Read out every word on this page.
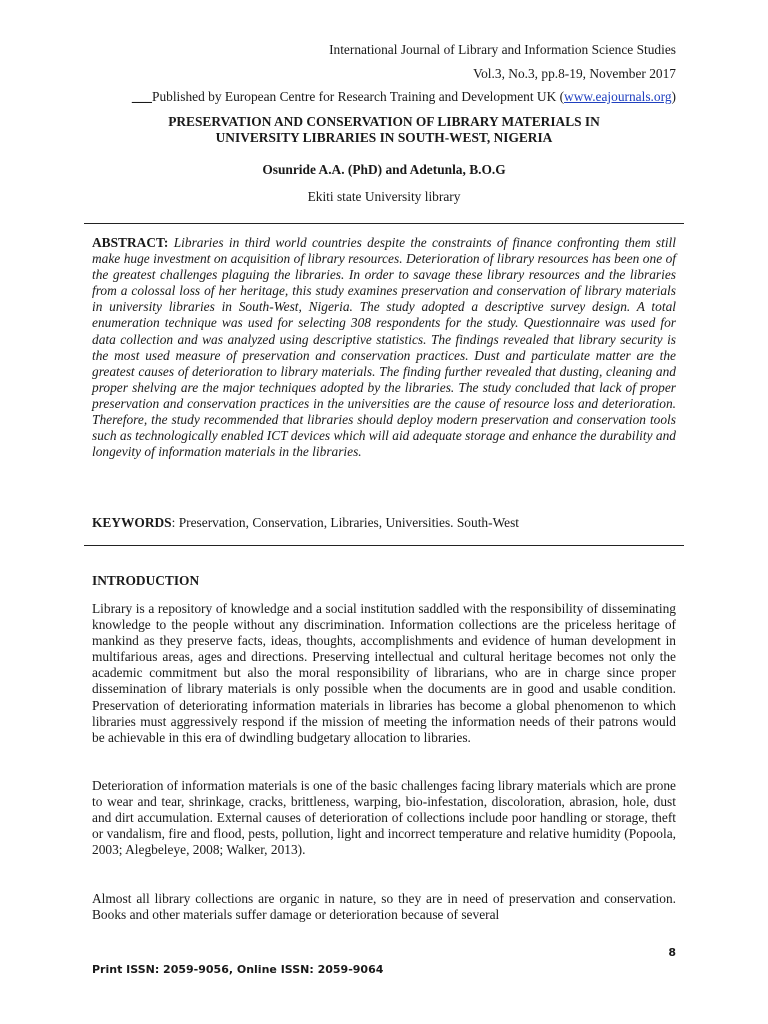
International Journal of Library and Information Science Studies
Vol.3, No.3, pp.8-19, November 2017
___Published by European Centre for Research Training and Development UK (www.eajournals.org)
PRESERVATION AND CONSERVATION OF LIBRARY MATERIALS IN
UNIVERSITY LIBRARIES IN SOUTH-WEST, NIGERIA
Osunride A.A. (PhD) and Adetunla, B.O.G
Ekiti state University library
ABSTRACT: Libraries in third world countries despite the constraints of finance confronting them still make huge investment on acquisition of library resources. Deterioration of library resources has been one of the greatest challenges plaguing the libraries. In order to savage these library resources and the libraries from a colossal loss of her heritage, this study examines preservation and conservation of library materials in university libraries in South-West, Nigeria. The study adopted a descriptive survey design. A total enumeration technique was used for selecting 308 respondents for the study. Questionnaire was used for data collection and was analyzed using descriptive statistics. The findings revealed that library security is the most used measure of preservation and conservation practices. Dust and particulate matter are the greatest causes of deterioration to library materials. The finding further revealed that dusting, cleaning and proper shelving are the major techniques adopted by the libraries. The study concluded that lack of proper preservation and conservation practices in the universities are the cause of resource loss and deterioration. Therefore, the study recommended that libraries should deploy modern preservation and conservation tools such as technologically enabled ICT devices which will aid adequate storage and enhance the durability and longevity of information materials in the libraries.
KEYWORDS: Preservation, Conservation, Libraries, Universities. South-West
INTRODUCTION

Library is a repository of knowledge and a social institution saddled with the responsibility of disseminating knowledge to the people without any discrimination. Information collections are the priceless heritage of mankind as they preserve facts, ideas, thoughts, accomplishments and evidence of human development in multifarious areas, ages and directions. Preserving intellectual and cultural heritage becomes not only the academic commitment but also the moral responsibility of librarians, who are in charge since proper dissemination of library materials is only possible when the documents are in good and usable condition. Preservation of deteriorating information materials in libraries has become a global phenomenon to which libraries must aggressively respond if the mission of meeting the information needs of their patrons would be achievable in this era of dwindling budgetary allocation to libraries.

Deterioration of information materials is one of the basic challenges facing library materials which are prone to wear and tear, shrinkage, cracks, brittleness, warping, bio-infestation, discoloration, abrasion, hole, dust and dirt accumulation. External causes of deterioration of collections include poor handling or storage, theft or vandalism, fire and flood, pests, pollution, light and incorrect temperature and relative humidity (Popoola, 2003; Alegbeleye, 2008; Walker, 2013).

Almost all library collections are organic in nature, so they are in need of preservation and conservation. Books and other materials suffer damage or deterioration because of several

8
Print ISSN: 2059-9056, Online ISSN: 2059-9064
